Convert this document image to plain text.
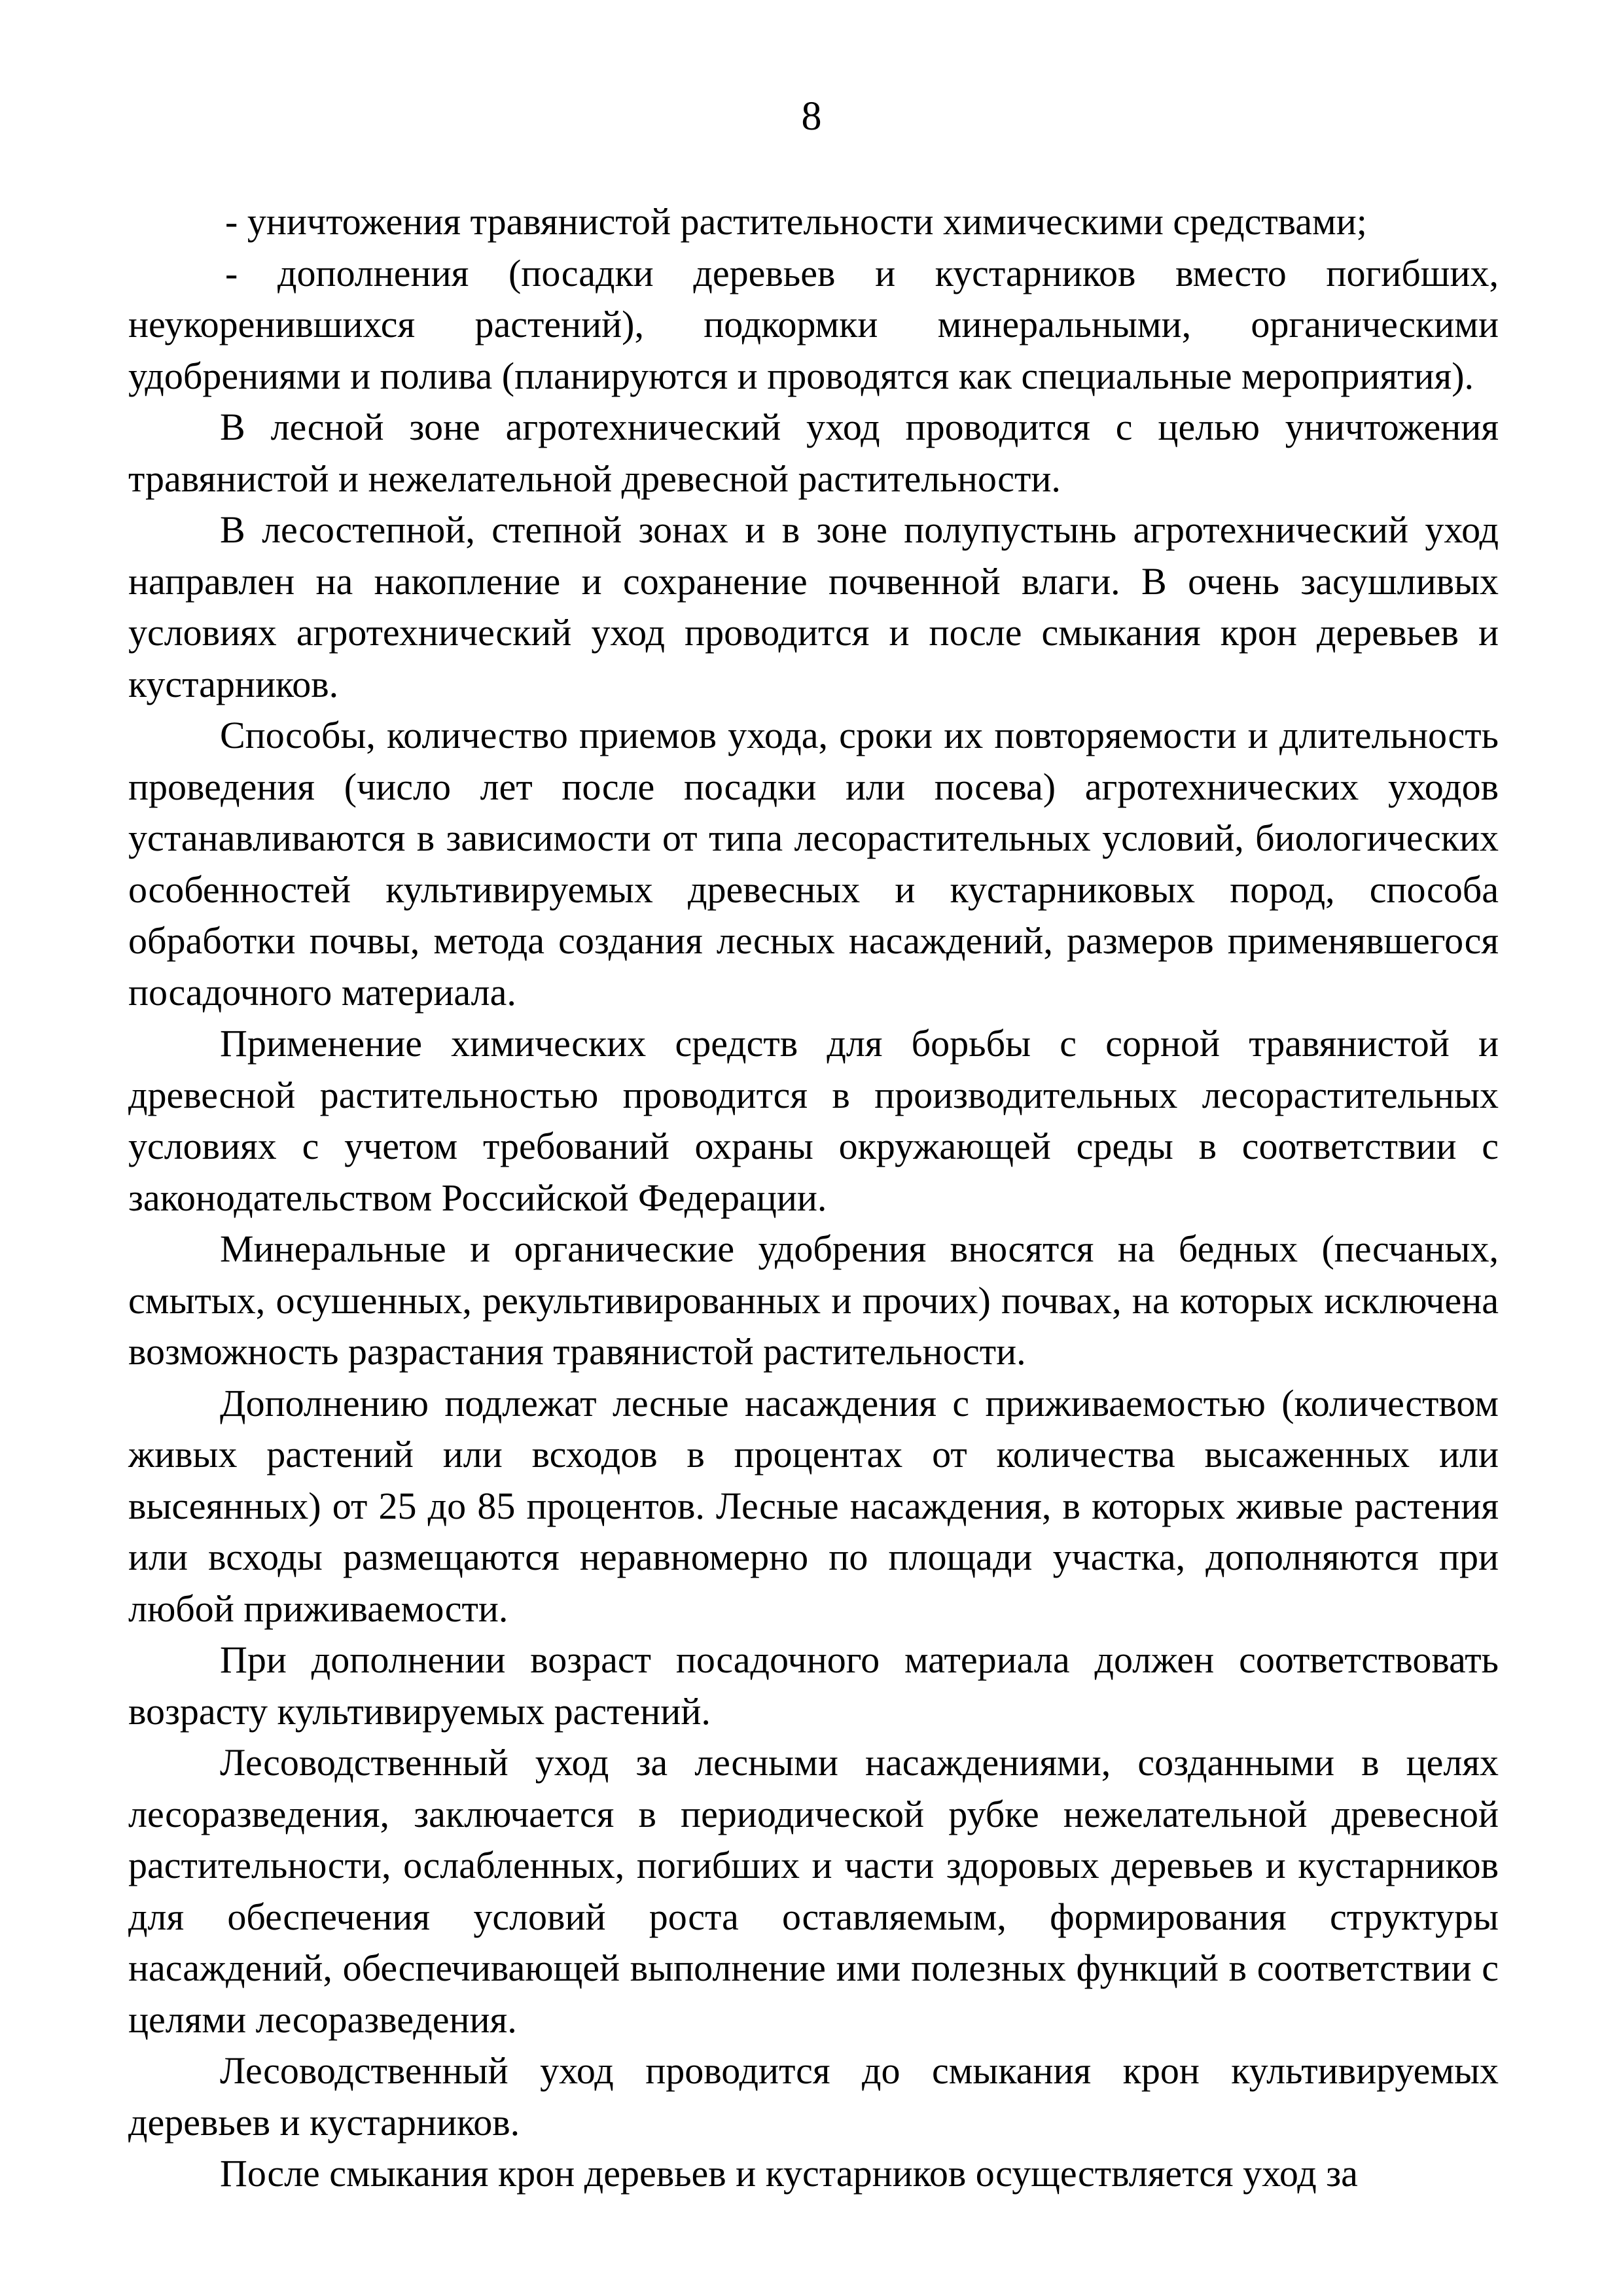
8

- уничтожения травянистой растительности химическими средствами;

- дополнения (посадки деревьев и кустарников вместо погибших, неукоренившихся растений), подкормки минеральными, органическими удобрениями и полива (планируются и проводятся как специальные мероприятия).

В лесной зоне агротехнический уход проводится с целью уничтожения травянистой и нежелательной древесной растительности.

В лесостепной, степной зонах и в зоне полупустынь агротехнический уход направлен на накопление и сохранение почвенной влаги. В очень засушливых условиях агротехнический уход проводится и после смыкания крон деревьев и кустарников.

Способы, количество приемов ухода, сроки их повторяемости и длительность проведения (число лет после посадки или посева) агротехнических уходов устанавливаются в зависимости от типа лесорастительных условий, биологических особенностей культивируемых древесных и кустарниковых пород, способа обработки почвы, метода создания лесных насаждений, размеров применявшегося посадочного материала.

Применение химических средств для борьбы с сорной травянистой и древесной растительностью проводится в производительных лесорастительных условиях с учетом требований охраны окружающей среды в соответствии с законодательством Российской Федерации.

Минеральные и органические удобрения вносятся на бедных (песчаных, смытых, осушенных, рекультивированных и прочих) почвах, на которых исключена возможность разрастания травянистой растительности.

Дополнению подлежат лесные насаждения с приживаемостью (количеством живых растений или всходов в процентах от количества высаженных или высеянных) от 25 до 85 процентов. Лесные насаждения, в которых живые растения или всходы размещаются неравномерно по площади участка, дополняются при любой приживаемости.

При дополнении возраст посадочного материала должен соответствовать возрасту культивируемых растений.

Лесоводственный уход за лесными насаждениями, созданными в целях лесоразведения, заключается в периодической рубке нежелательной древесной растительности, ослабленных, погибших и части здоровых деревьев и кустарников для обеспечения условий роста оставляемым, формирования структуры насаждений, обеспечивающей выполнение ими полезных функций в соответствии с целями лесоразведения.

Лесоводственный уход проводится до смыкания крон культивируемых деревьев и кустарников.

После смыкания крон деревьев и кустарников осуществляется уход за
